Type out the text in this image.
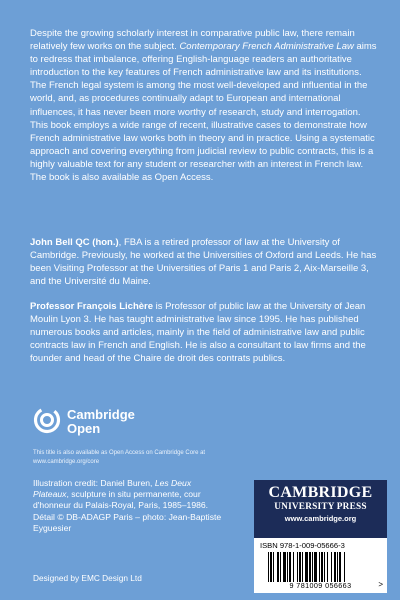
Despite the growing scholarly interest in comparative public law, there remain relatively few works on the subject. Contemporary French Administrative Law aims to redress that imbalance, offering English-language readers an authoritative introduction to the key features of French administrative law and its institutions. The French legal system is among the most well-developed and influential in the world, and, as procedures continually adapt to European and international influences, it has never been more worthy of research, study and interrogation. This book employs a wide range of recent, illustrative cases to demonstrate how French administrative law works both in theory and in practice. Using a systematic approach and covering everything from judicial review to public contracts, this is a highly valuable text for any student or researcher with an interest in French law. The book is also available as Open Access.

John Bell QC (hon.), FBA is a retired professor of law at the University of Cambridge. Previously, he worked at the Universities of Oxford and Leeds. He has been Visiting Professor at the Universities of Paris 1 and Paris 2, Aix-Marseille 3, and the Université du Maine.

Professor François Lichère is Professor of public law at the University of Jean Moulin Lyon 3. He has taught administrative law since 1995. He has published numerous books and articles, mainly in the field of administrative law and public contracts law in French and English. He is also a consultant to law firms and the founder and head of the Chaire de droit des contrats publics.

Cambridge
Open
This title is also available as Open Access on Cambridge Core at www.cambridge.org/core
Illustration credit: Daniel Buren, Les Deux Plateaux, sculpture in situ permanente, cour d'honneur du Palais-Royal, Paris, 1985–1986. Détail © DB-ADAGP Paris – photo: Jean-Baptiste Eyguesier
Designed by EMC Design Ltd
CAMBRIDGE
UNIVERSITY PRESS
www.cambridge.org
ISBN 978-1-009-05666-3
9 781009 056663	>
